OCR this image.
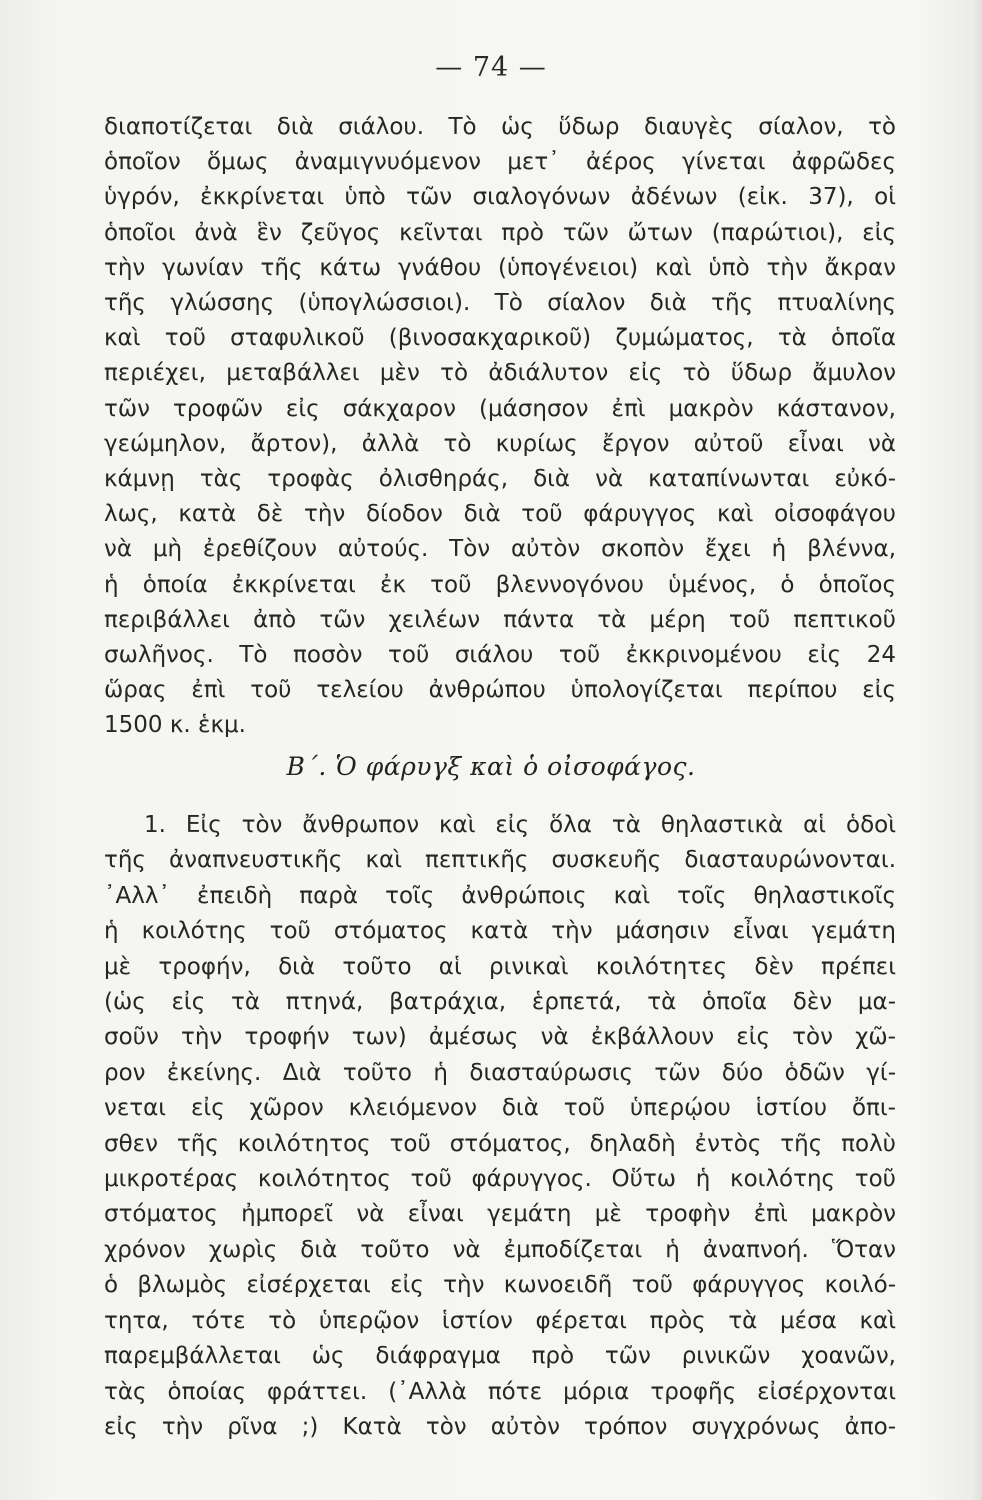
— 74 —
διαποτίζεται διὰ σιάλου. Τὸ ὡς ὕδωρ διαυγὲς σίαλον, τὸ
ὁποῖον ὅμως ἀναμιγνυόμενον μετ᾽ ἀέρος γίνεται ἀφρῶδες
ὑγρόν, ἐκκρίνεται ὑπὸ τῶν σιαλογόνων ἀδένων (εἰκ. 37), οἱ
ὁποῖοι ἀνὰ ἓν ζεῦγος κεῖνται πρὸ τῶν ὤτων (παρώτιοι), εἰς
τὴν γωνίαν τῆς κάτω γνάθου (ὑπογένειοι) καὶ ὑπὸ τὴν ἄκραν
τῆς γλώσσης (ὑπογλώσσιοι). Τὸ σίαλον διὰ τῆς πτυαλίνης
καὶ τοῦ σταφυλικοῦ (βινοσακχαρικοῦ) ζυμώματος, τὰ ὁποῖα
περιέχει, μεταβάλλει μὲν τὸ ἀδιάλυτον εἰς τὸ ὕδωρ ἄμυλον
τῶν τροφῶν εἰς σάκχαρον (μάσησον ἐπὶ μακρὸν κάστανον,
γεώμηλον, ἄρτον), ἀλλὰ τὸ κυρίως ἔργον αὐτοῦ εἶναι νὰ
κάμνῃ τὰς τροφὰς ὀλισθηράς, διὰ νὰ καταπίνωνται εὐκό-
λως, κατὰ δὲ τὴν δίοδον διὰ τοῦ φάρυγγος καὶ οἰσοφάγου
νὰ μὴ ἐρεθίζουν αὐτούς. Τὸν αὐτὸν σκοπὸν ἔχει ἡ βλέννα,
ἡ ὁποία ἐκκρίνεται ἐκ τοῦ βλεννογόνου ὑμένος, ὁ ὁποῖος
περιβάλλει ἀπὸ τῶν χειλέων πάντα τὰ μέρη τοῦ πεπτικοῦ
σωλῆνος. Τὸ ποσὸν τοῦ σιάλου τοῦ ἐκκρινομένου εἰς 24
ὥρας ἐπὶ τοῦ τελείου ἀνθρώπου ὑπολογίζεται περίπου εἰς
1500 κ. ἑκμ.
Β΄. Ὁ φάρυγξ καὶ ὁ οἰσοφάγος.
1. Εἰς τὸν ἄνθρωπον καὶ εἰς ὅλα τὰ θηλαστικὰ αἱ ὁδοὶ
τῆς ἀναπνευστικῆς καὶ πεπτικῆς συσκευῆς διασταυρώνονται.
᾿Αλλ᾿ ἐπειδὴ παρὰ τοῖς ἀνθρώποις καὶ τοῖς θηλαστικοῖς
ἡ κοιλότης τοῦ στόματος κατὰ τὴν μάσησιν εἶναι γεμάτη
μὲ τροφήν, διὰ τοῦτο αἱ ρινικαὶ κοιλότητες δὲν πρέπει
(ὡς εἰς τὰ πτηνά, βατράχια, ἑρπετά, τὰ ὁποῖα δὲν μα-
σοῦν τὴν τροφήν των) ἀμέσως νὰ ἐκβάλλουν εἰς τὸν χῶ-
ρον ἐκείνης. Διὰ τοῦτο ἡ διασταύρωσις τῶν δύο ὁδῶν γί-
νεται εἰς χῶρον κλειόμενον διὰ τοῦ ὑπερῴου ἱστίου ὄπι-
σθεν τῆς κοιλότητος τοῦ στόματος, δηλαδὴ ἐντὸς τῆς πολὺ
μικροτέρας κοιλότητος τοῦ φάρυγγος. Οὕτω ἡ κοιλότης τοῦ
στόματος ἠμπορεῖ νὰ εἶναι γεμάτη μὲ τροφὴν ἐπὶ μακρὸν
χρόνον χωρὶς διὰ τοῦτο νὰ ἐμποδίζεται ἡ ἀναπνοή. Ὅταν
ὁ βλωμὸς εἰσέρχεται εἰς τὴν κωνοειδῆ τοῦ φάρυγγος κοιλό-
τητα, τότε τὸ ὑπερῷον ἱστίον φέρεται πρὸς τὰ μέσα καὶ
παρεμβάλλεται ὡς διάφραγμα πρὸ τῶν ρινικῶν χοανῶν,
τὰς ὁποίας φράττει. (᾿Αλλὰ πότε μόρια τροφῆς εἰσέρχονται
εἰς τὴν ρῖνα ;) Κατὰ τὸν αὐτὸν τρόπον συγχρόνως ἀπο-
